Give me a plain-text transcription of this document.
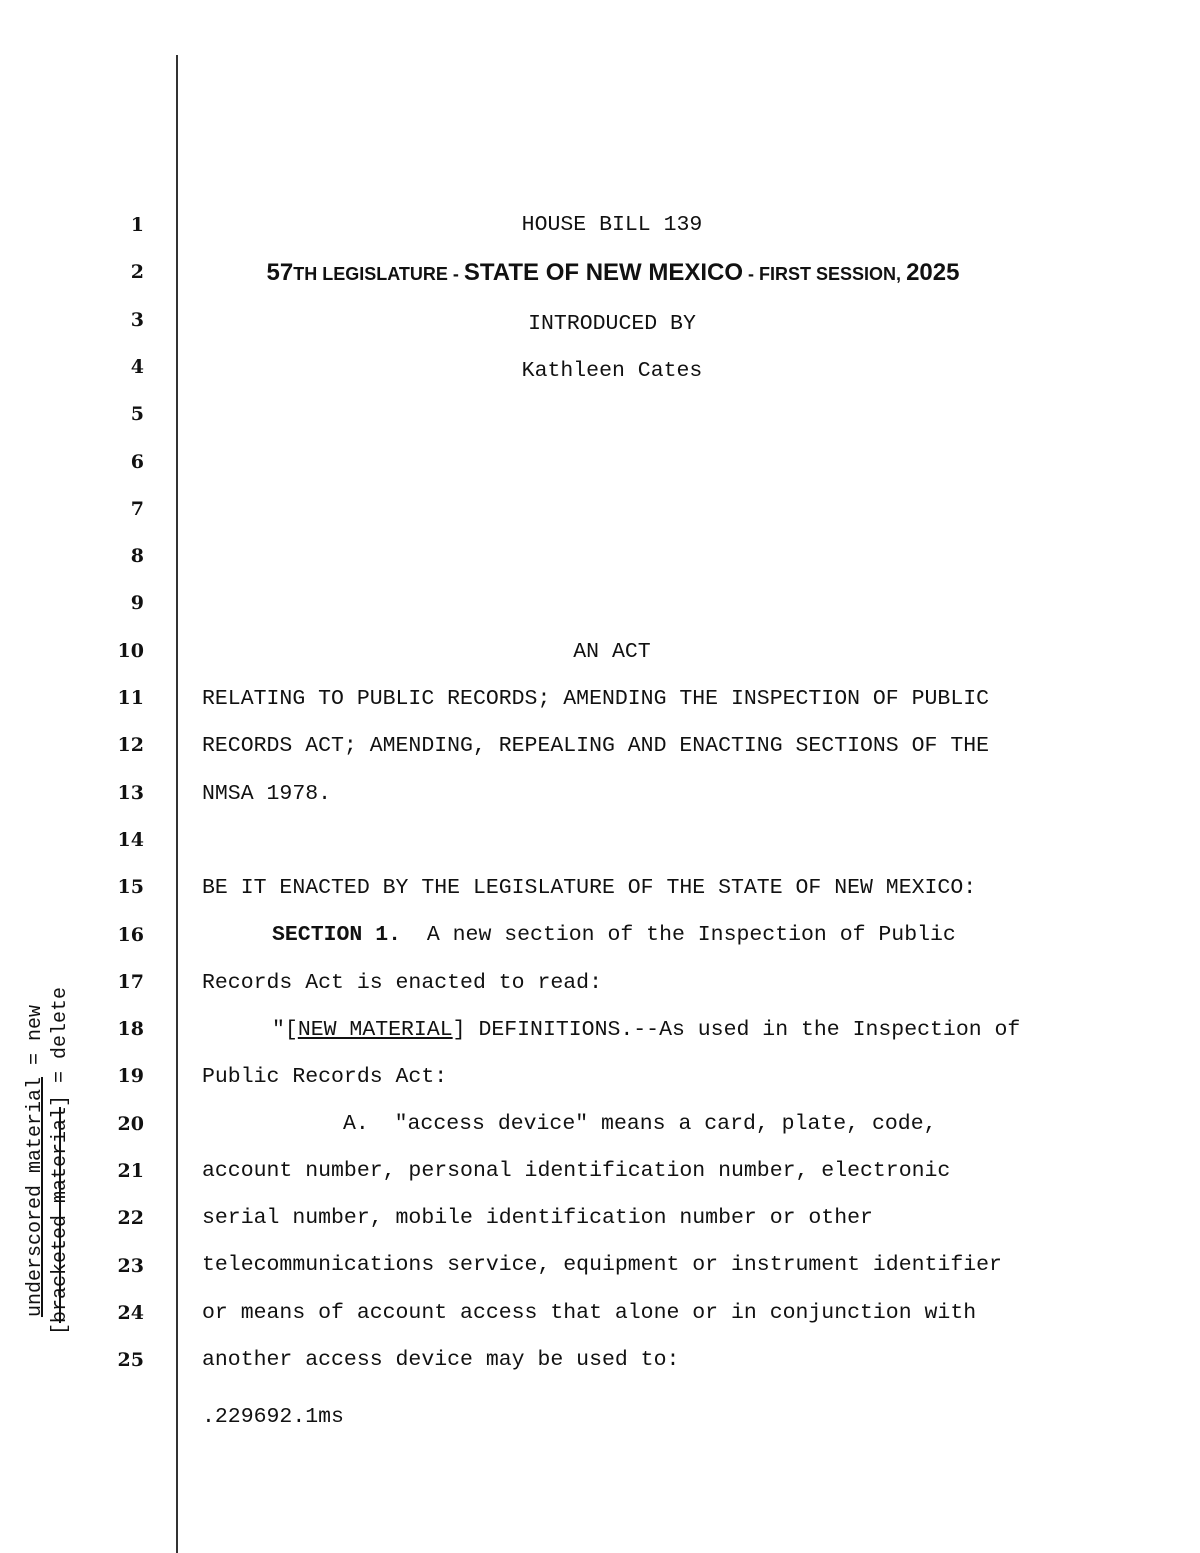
1
2
3
4
5
6
7
8
9
10
11
12
13
14
15
16
17
18
19
20
21
22
23
24
25
HOUSE BILL 139
57TH LEGISLATURE - STATE OF NEW MEXICO - FIRST SESSION, 2025
INTRODUCED BY
Kathleen Cates
AN ACT
RELATING TO PUBLIC RECORDS; AMENDING THE INSPECTION OF PUBLIC
RECORDS ACT; AMENDING, REPEALING AND ENACTING SECTIONS OF THE
NMSA 1978.
BE IT ENACTED BY THE LEGISLATURE OF THE STATE OF NEW MEXICO:
SECTION 1.  A new section of the Inspection of Public
Records Act is enacted to read:
"[NEW MATERIAL] DEFINITIONS.--As used in the Inspection of
Public Records Act:
A.  "access device" means a card, plate, code,
account number, personal identification number, electronic
serial number, mobile identification number or other
telecommunications service, equipment or instrument identifier
or means of account access that alone or in conjunction with
another access device may be used to:
.229692.1ms
underscored material = new
[bracketed material] = delete
